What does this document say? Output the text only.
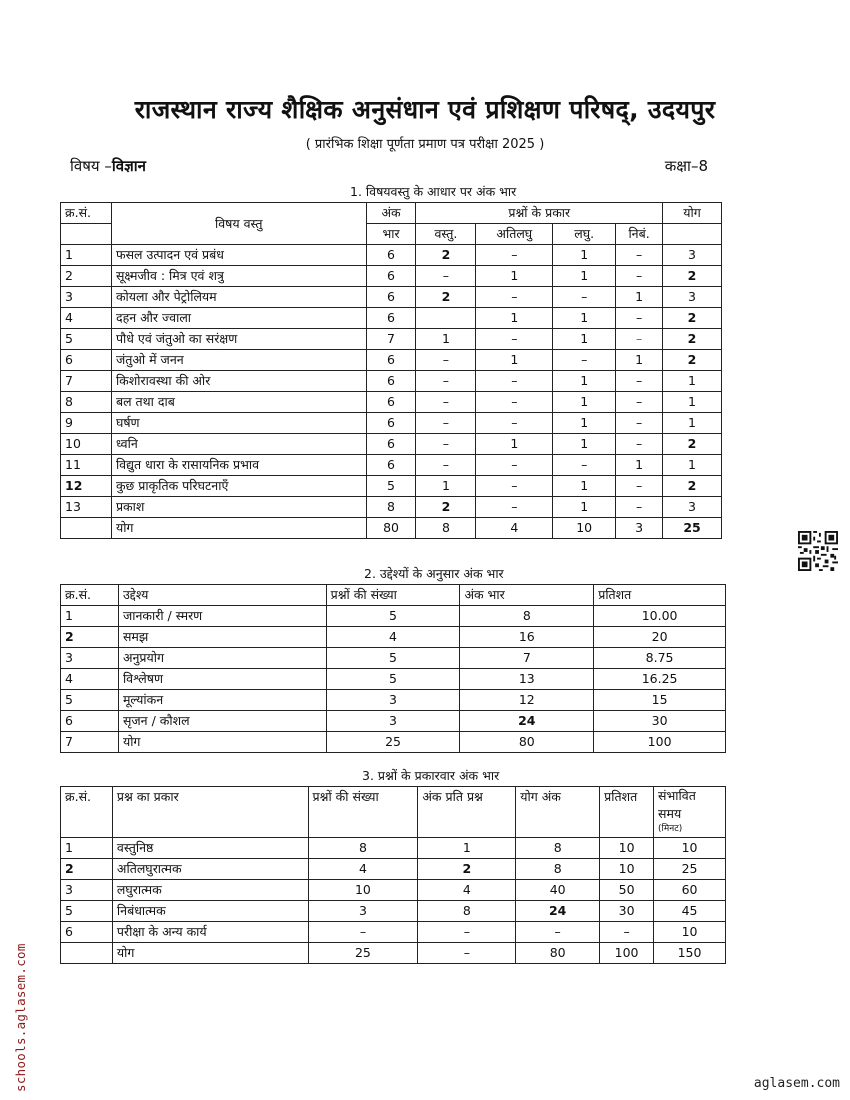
राजस्थान राज्य शैक्षिक अनुसंधान एवं प्रशिक्षण परिषद्, उदयपुर
( प्रारंभिक शिक्षा पूर्णता प्रमाण पत्र परीक्षा 2025 )
विषय –विज्ञान	कक्षा–8
1. विषयवस्तु के आधार पर अंक भार
क्र.सं.	विषय वस्तु	अंक	प्रश्नों के प्रकार				योग
		भार	वस्तु.	अतिलघु	लघु.	निबं.	
1	फसल उत्पादन एवं प्रबंध	6	2	–	1	–	3
2	सूक्ष्मजीव : मित्र एवं शत्रु	6	–	1	1	–	2
3	कोयला और पेट्रोलियम	6	2	–	–	1	3
4	दहन और ज्वाला	6		1	1	–	2
5	पौधे एवं जंतुओ का सरंक्षण	7	1	–	1	–	2
6	जंतुओ में जनन	6	–	1	–	1	2
7	किशोरावस्था की ओर	6	–	–	1	–	1
8	बल तथा दाब	6	–	–	1	–	1
9	घर्षण	6	–	–	1	–	1
10	ध्वनि	6	–	1	1	–	2
11	विद्युत धारा के रासायनिक प्रभाव	6	–	–	–	1	1
12	कुछ प्राकृतिक परिघटनाएँ	5	1	–	1	–	2
13	प्रकाश	8	2	–	1	–	3
	योग	80	8	4	10	3	25
2. उद्देश्यों के अनुसार अंक भार
क्र.सं.	उद्देश्य	प्रश्नों की संख्या	अंक भार	प्रतिशत
1	जानकारी / स्मरण	5	8	10.00
2	समझ	4	16	20
3	अनुप्रयोग	5	7	8.75
4	विश्लेषण	5	13	16.25
5	मूल्यांकन	3	12	15
6	सृजन / कौशल	3	24	30
7	योग	25	80	100
3. प्रश्नों के प्रकारवार अंक भार
क्र.सं.	प्रश्न का प्रकार	प्रश्नों की संख्या	अंक प्रति प्रश्न	योग अंक	प्रतिशत	संभावित
समय
(मिनट)

1	वस्तुनिष्ठ	8	1	8	10	10
2	अतिलघुरात्मक	4	2	8	10	25
3	लघुरात्मक	10	4	40	50	60
5	निबंधात्मक	3	8	24	30	45
6	परीक्षा के अन्य कार्य	–	–	–	–	10
	योग	25	–	80	100	150
schools.aglasem.com	aglasem.com
